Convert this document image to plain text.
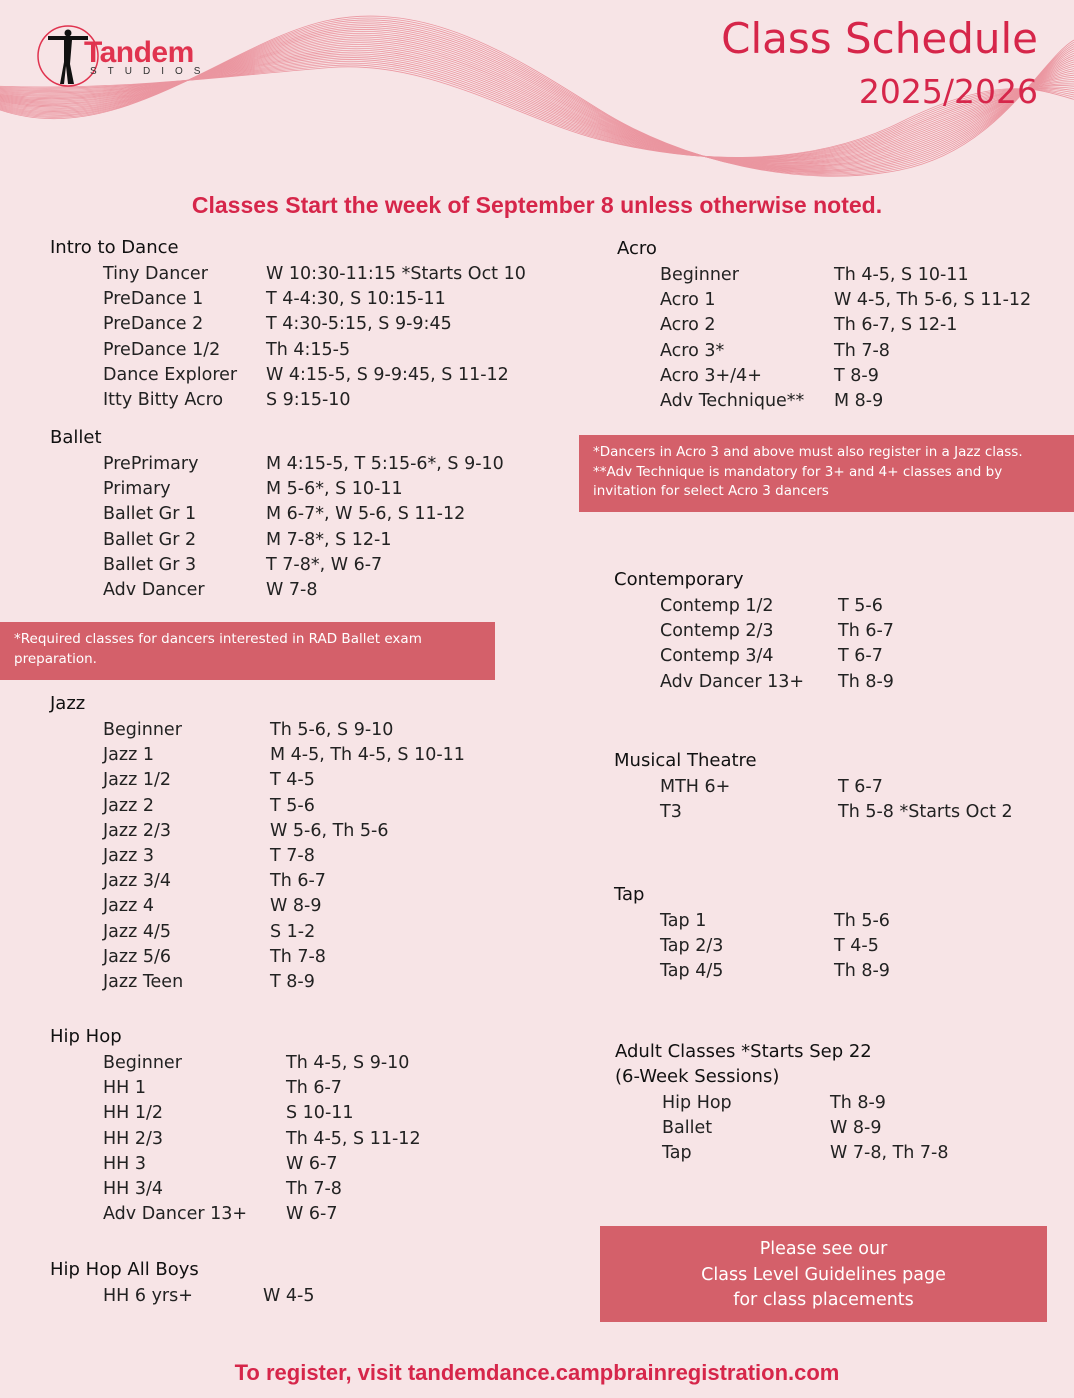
Tandem
STUDIOS
Class Schedule
2025/2026
Classes Start the week of September 8 unless otherwise noted.
Intro to Dance
Tiny Dancer	W 10:30-11:15 *Starts Oct 10
PreDance 1	T 4-4:30, S 10:15-11
PreDance 2	T 4:30-5:15, S 9-9:45
PreDance 1/2	Th 4:15-5
Dance Explorer W 4:15-5, S 9-9:45, S 11-12
Itty Bitty Acro S 9:15-10
Ballet
PrePrimary	M 4:15-5, T 5:15-6*, S 9-10
Primary	M 5-6*, S 10-11
Ballet Gr 1	M 6-7*, W 5-6, S 11-12
Ballet Gr 2	M 7-8*, S 12-1
Ballet Gr 3	T 7-8*, W 6-7
Adv Dancer	W 7-8
*Required classes for dancers interested in RAD Ballet exam preparation.
Jazz
Beginner	Th 5-6, S 9-10
Jazz 1	M 4-5, Th 4-5, S 10-11
Jazz 1/2	T 4-5
Jazz 2	T 5-6
Jazz 2/3	W 5-6, Th 5-6
Jazz 3	T 7-8
Jazz 3/4	Th 6-7
Jazz 4	W 8-9
Jazz 4/5	S 1-2
Jazz 5/6	Th 7-8
Jazz Teen	T 8-9
Hip Hop
Beginner	Th 4-5, S 9-10
HH 1	Th 6-7
HH 1/2	S 10-11
HH 2/3	Th 4-5, S 11-12
HH 3	W 6-7
HH 3/4	Th 7-8
Adv Dancer 13+ W 6-7
Hip Hop All Boys
HH 6 yrs+	W 4-5
Acro
Beginner	Th 4-5, S 10-11
Acro 1	W 4-5, Th 5-6, S 11-12
Acro 2	Th 6-7, S 12-1
Acro 3*	Th 7-8
Acro 3+/4+	T 8-9
Adv Technique** M 8-9
*Dancers in Acro 3 and above must also register in a Jazz class.
**Adv Technique is mandatory for 3+ and 4+ classes and by invitation for select Acro 3 dancers
Contemporary
Contemp 1/2	T 5-6
Contemp 2/3	Th 6-7
Contemp 3/4	T 6-7
Adv Dancer 13+ Th 8-9
Musical Theatre
MTH 6+	T 6-7
T3	Th 5-8 *Starts Oct 2
Tap
Tap 1	Th 5-6
Tap 2/3	T 4-5
Tap 4/5	Th 8-9
Adult Classes *Starts Sep 22
(6-Week Sessions)
Hip Hop	Th 8-9
Ballet	W 8-9
Tap	W 7-8, Th 7-8
Please see our
Class Level Guidelines page
for class placements
To register, visit tandemdance.campbrainregistration.com
